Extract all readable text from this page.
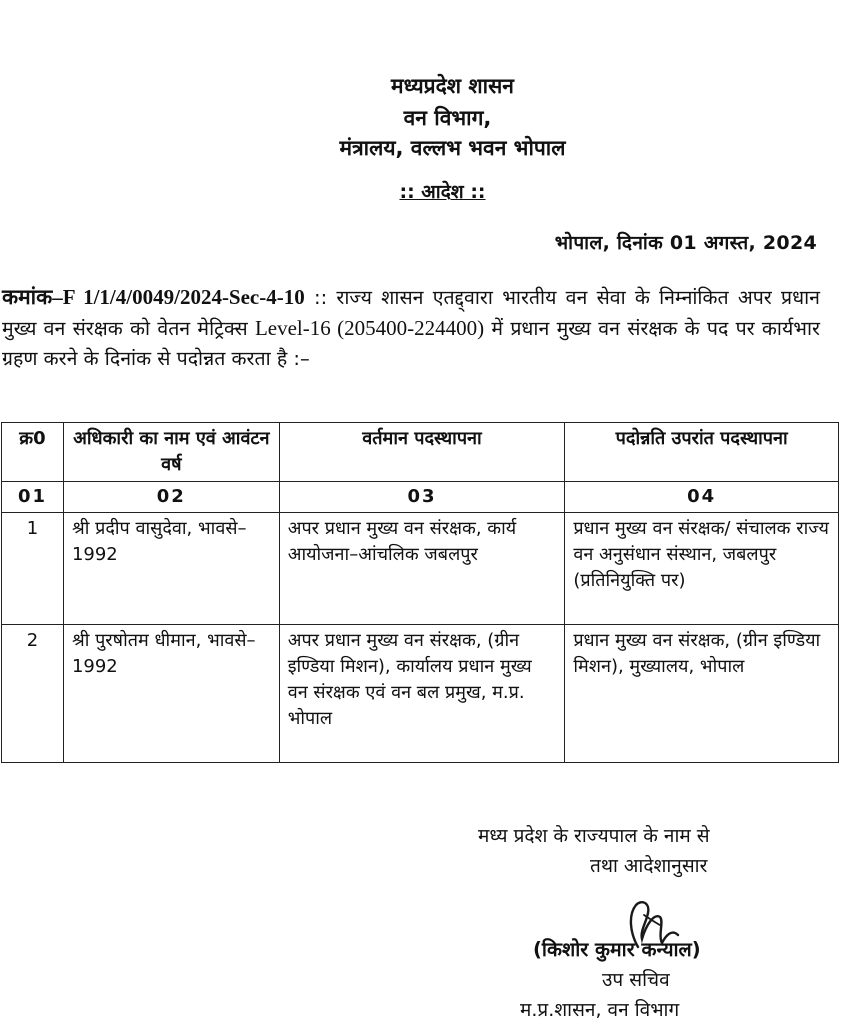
मध्यप्रदेश शासन
वन विभाग,
मंत्रालय, वल्लभ भवन भोपाल
:: आदेश ::
भोपाल, दिनांक 01 अगस्त, 2024
कमांक–F 1/1/4/0049/2024-Sec-4-10 :: राज्य शासन एतद्द्वारा भारतीय वन सेवा के निम्नांकित अपर प्रधान मुख्य वन संरक्षक को वेतन मेट्रिक्स Level-16 (205400-224400) में प्रधान मुख्य वन संरक्षक के पद पर कार्यभार ग्रहण करने के दिनांक से पदोन्नत करता है :–
क्र0	अधिकारी का नाम एवं आवंटन वर्ष	वर्तमान पदस्थापना	पदोन्नति उपरांत पदस्थापना
01	02	03	04
1	श्री प्रदीप वासुदेवा, भावसे–1992	अपर प्रधान मुख्य वन संरक्षक, कार्य आयोजना–आंचलिक जबलपुर	प्रधान मुख्य वन संरक्षक/ संचालक राज्य वन अनुसंधान संस्थान, जबलपुर (प्रतिनियुक्ति पर)
2	श्री पुरषोतम धीमान, भावसे–1992	अपर प्रधान मुख्य वन संरक्षक, (ग्रीन इण्डिया मिशन), कार्यालय प्रधान मुख्य वन संरक्षक एवं वन बल प्रमुख, म.प्र. भोपाल	प्रधान मुख्य वन संरक्षक, (ग्रीन इण्डिया मिशन), मुख्यालय, भोपाल
मध्य प्रदेश के राज्यपाल के नाम से
तथा आदेशानुसार
(किशोर कुमार कन्याल)
उप सचिव
म.प्र.शासन, वन विभाग
